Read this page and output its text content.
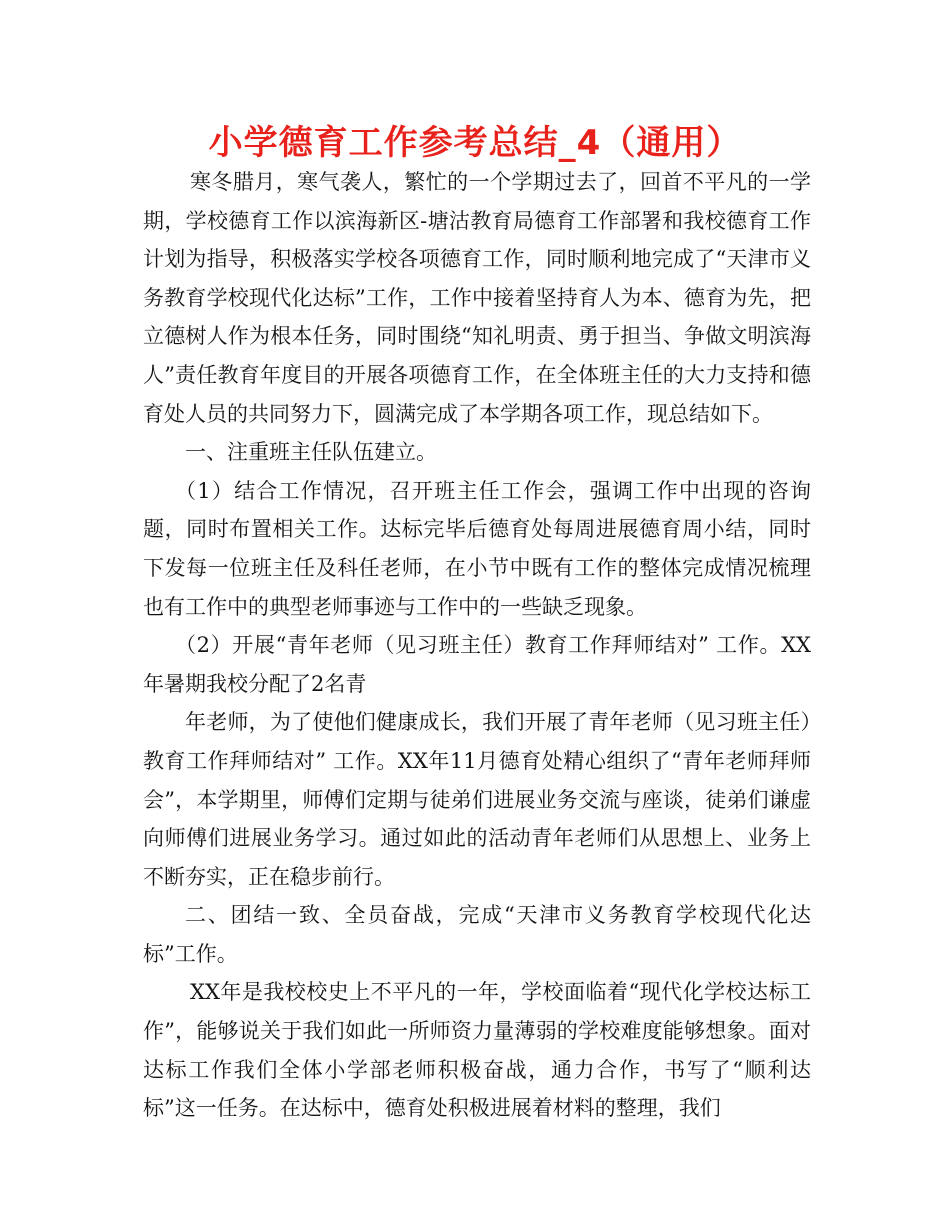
小学德育工作参考总结_4（通用）

寒冬腊月，寒气袭人，繁忙的一个学期过去了，回首不平凡的一学期，学校德育工作以滨海新区-塘沽教育局德育工作部署和我校德育工作计划为指导，积极落实学校各项德育工作，同时顺利地完成了“天津市义务教育学校现代化达标”工作，工作中接着坚持育人为本、德育为先，把立德树人作为根本任务，同时围绕“知礼明责、勇于担当、争做文明滨海人”责任教育年度目的开展各项德育工作，在全体班主任的大力支持和德育处人员的共同努力下，圆满完成了本学期各项工作，现总结如下。

一、注重班主任队伍建立。

（1）结合工作情况，召开班主任工作会，强调工作中出现的咨询题，同时布置相关工作。达标完毕后德育处每周进展德育周小结，同时下发每一位班主任及科任老师，在小节中既有工作的整体完成情况梳理也有工作中的典型老师事迹与工作中的一些缺乏现象。

（2）开展“青年老师（见习班主任）教育工作拜师结对” 工作。XX年暑期我校分配了2名青

年老师，为了使他们健康成长，我们开展了青年老师（见习班主任）教育工作拜师结对” 工作。XX年11月德育处精心组织了“青年老师拜师会”，本学期里，师傅们定期与徒弟们进展业务交流与座谈，徒弟们谦虚向师傅们进展业务学习。通过如此的活动青年老师们从思想上、业务上不断夯实，正在稳步前行。

二、团结一致、全员奋战，完成“天津市义务教育学校现代化达标”工作。

XX年是我校校史上不平凡的一年，学校面临着“现代化学校达标工作”，能够说关于我们如此一所师资力量薄弱的学校难度能够想象。面对达标工作我们全体小学部老师积极奋战，通力合作，书写了“顺利达标”这一任务。在达标中，德育处积极进展着材料的整理，我们
